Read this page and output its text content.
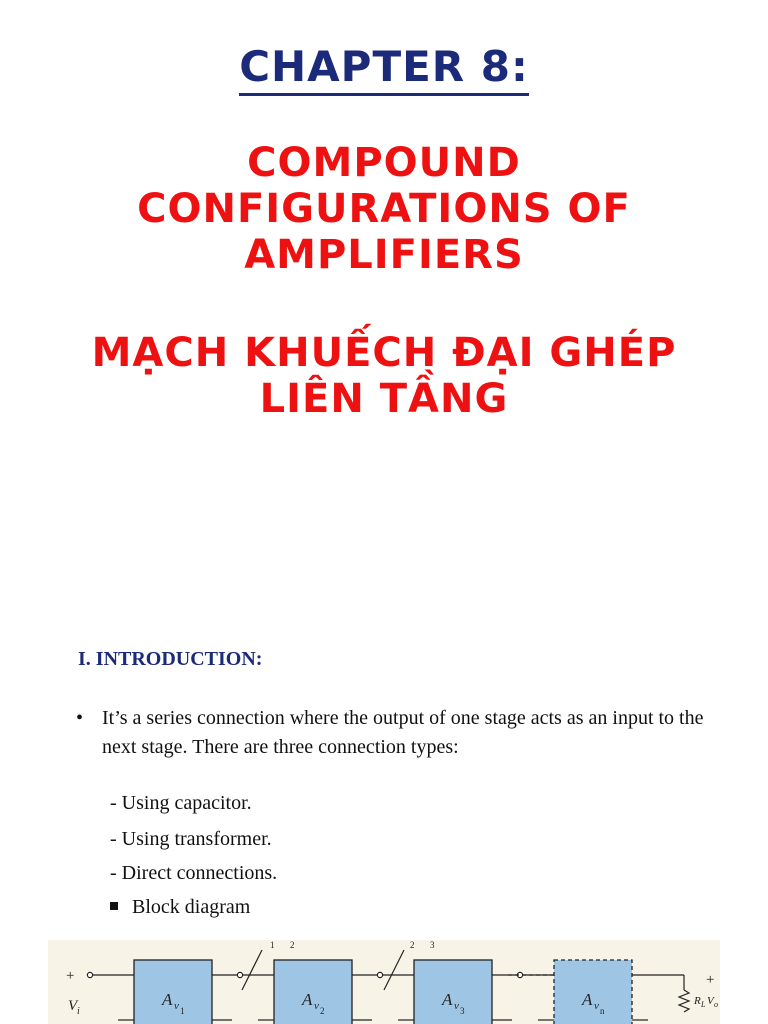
CHAPTER 8:
COMPOUND
CONFIGURATIONS OF
AMPLIFIERS
MẠCH KHUẾCH ĐẠI GHÉP
LIÊN TẦNG
I. INTRODUCTION:
• It’s a series connection where the output of one stage acts as an input to the next stage. There are three connection types:
- Using capacitor.
- Using transformer.
- Direct connections.
Block diagram
+
V i
A v 1
A v 2
A v 3
A v n
1 2	2 3
+
R L V o
